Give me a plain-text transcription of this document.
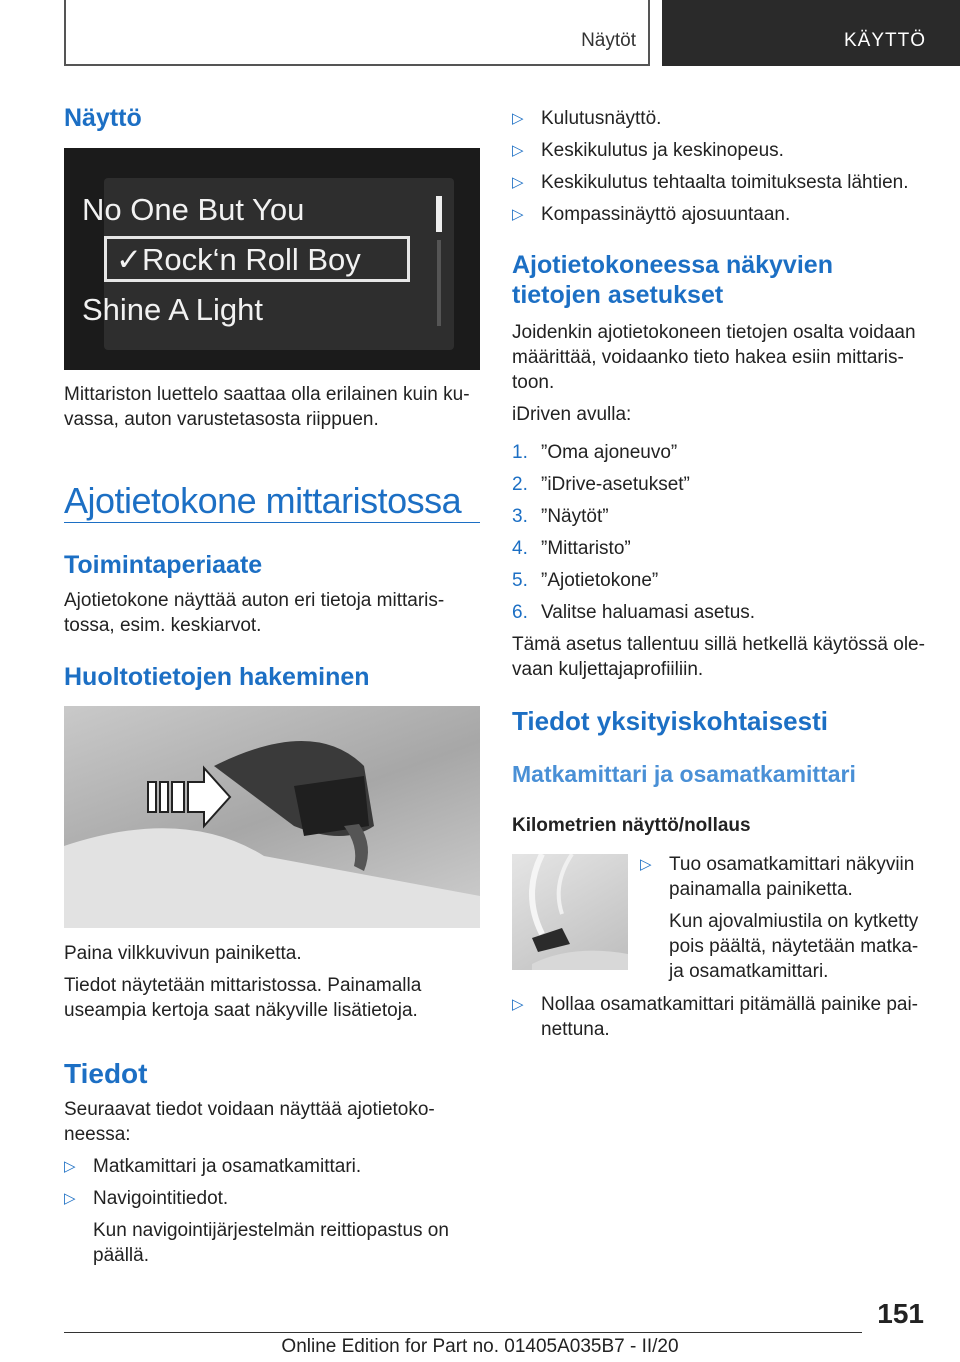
Näytöt	KÄYTTÖ
Näyttö
No One But You
✓Rock‘n Roll Boy
Shine A Light

Mittariston luettelo saattaa olla erilainen kuin ku‐

vassa, auton varustetasosta riippuen.

Ajotietokone mittaristossa
Toimintaperiaate

Ajotietokone näyttää auton eri tietoja mittaris‐

tossa, esim. keskiarvot.

Huoltotietojen hakeminen

Paina vilkkuvivun painiketta.

Tiedot näytetään mittaristossa. Painamalla

useampia kertoja saat näkyville lisätietoja.

Tiedot

Seuraavat tiedot voidaan näyttää ajotietoko‐

neessa:

▷ Matkamittari ja osamatkamittari.
▷ Navigointitiedot.

Kun navigointijärjestelmän reittiopastus on

päällä.

▷ Kulutusnäyttö.
▷ Keskikulutus ja keskinopeus.
▷ Keskikulutus tehtaalta toimituksesta lähtien.
▷ Kompassinäyttö ajosuuntaan.
Ajotietokoneessa näkyvien
tietojen asetukset

Joidenkin ajotietokoneen tietojen osalta voidaan

määrittää, voidaanko tieto hakea esiin mittaris‐

toon.

iDriven avulla:

1. ”Oma ajoneuvo”
2. ”iDrive-asetukset”
3. ”Näytöt”
4. ”Mittaristo”
5. ”Ajotietokone”
6. Valitse haluamasi asetus.

Tämä asetus tallentuu sillä hetkellä käytössä ole‐

vaan kuljettajaprofiiliin.

Tiedot yksityiskohtaisesti
Matkamittari ja osamatkamittari
Kilometrien näyttö/nollaus
▷ Tuo osamatkamittari näkyviin

painamalla painiketta.

Kun ajovalmiustila on kytketty

pois päältä, näytetään matka‐

ja osamatkamittari.

▷ Nollaa osamatkamittari pitämällä painike pai‐

nettuna.

151
Online Edition for Part no. 01405A035B7 - II/20
